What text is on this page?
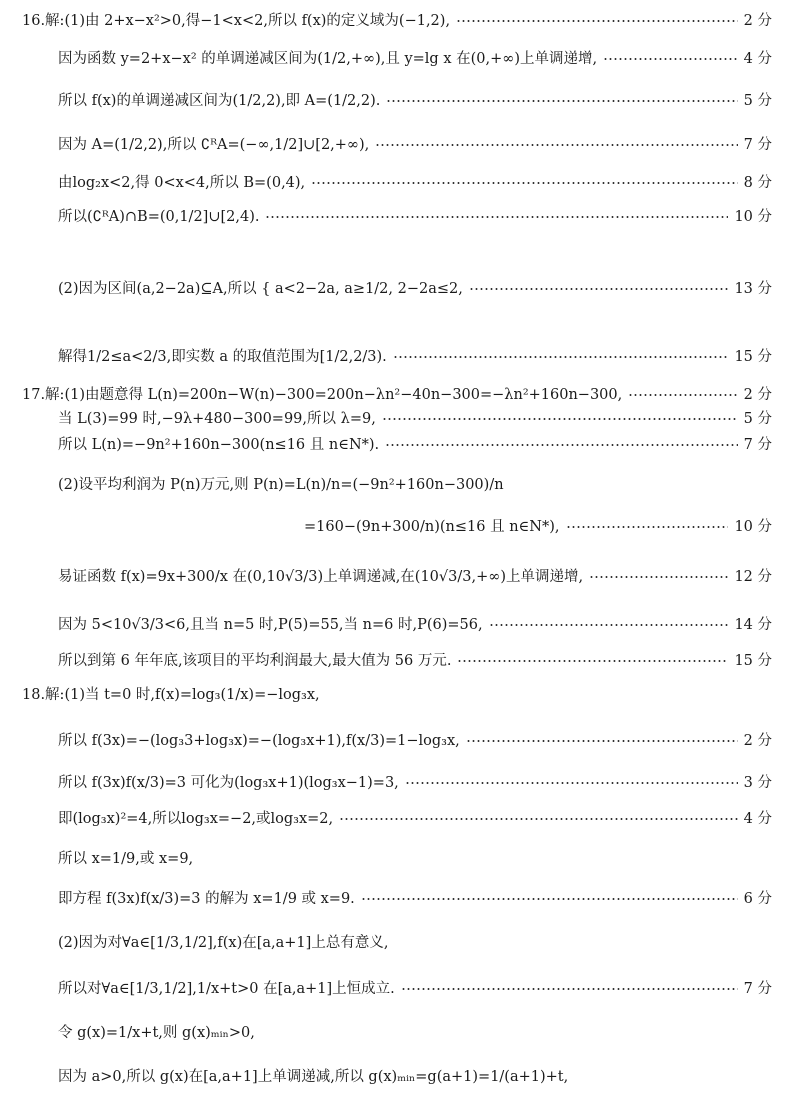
16.解:(1)由 2+x−x²>0,得−1<x<2,所以 f(x)的定义域为(−1,2),	2 分
因为函数 y=2+x−x² 的单调递减区间为(1/2,+∞),且 y=lg x 在(0,+∞)上单调递增,	4 分
所以 f(x)的单调递减区间为(1/2,2),即 A=(1/2,2).	5 分
因为 A=(1/2,2),所以 ∁ᴿA=(−∞,1/2]∪[2,+∞),	7 分
由log₂x<2,得 0<x<4,所以 B=(0,4),	8 分
所以(∁ᴿA)∩B=(0,1/2]∪[2,4).	10 分
(2)因为区间(a,2−2a)⊆A,所以 { a<2−2a, a≥1/2, 2−2a≤2,	13 分
解得1/2≤a<2/3,即实数 a 的取值范围为[1/2,2/3).	15 分
17.解:(1)由题意得 L(n)=200n−W(n)−300=200n−λn²−40n−300=−λn²+160n−300,	2 分
当 L(3)=99 时,−9λ+480−300=99,所以 λ=9,	5 分
所以 L(n)=−9n²+160n−300(n≤16 且 n∈N*).	7 分
(2)设平均利润为 P(n)万元,则 P(n)=L(n)/n=(−9n²+160n−300)/n
=160−(9n+300/n)(n≤16 且 n∈N*),	10 分
易证函数 f(x)=9x+300/x 在(0,10√3/3)上单调递减,在(10√3/3,+∞)上单调递增,	12 分
因为 5<10√3/3<6,且当 n=5 时,P(5)=55,当 n=6 时,P(6)=56,	14 分
所以到第 6 年年底,该项目的平均利润最大,最大值为 56 万元.	15 分
18.解:(1)当 t=0 时,f(x)=log₃(1/x)=−log₃x,
所以 f(3x)=−(log₃3+log₃x)=−(log₃x+1),f(x/3)=1−log₃x,	2 分
所以 f(3x)f(x/3)=3 可化为(log₃x+1)(log₃x−1)=3,	3 分
即(log₃x)²=4,所以log₃x=−2,或log₃x=2,	4 分
所以 x=1/9,或 x=9,
即方程 f(3x)f(x/3)=3 的解为 x=1/9 或 x=9.	6 分
(2)因为对∀a∈[1/3,1/2],f(x)在[a,a+1]上总有意义,
所以对∀a∈[1/3,1/2],1/x+t>0 在[a,a+1]上恒成立.	7 分
令 g(x)=1/x+t,则 g(x)ₘᵢₙ>0,
因为 a>0,所以 g(x)在[a,a+1]上单调递减,所以 g(x)ₘᵢₙ=g(a+1)=1/(a+1)+t,
